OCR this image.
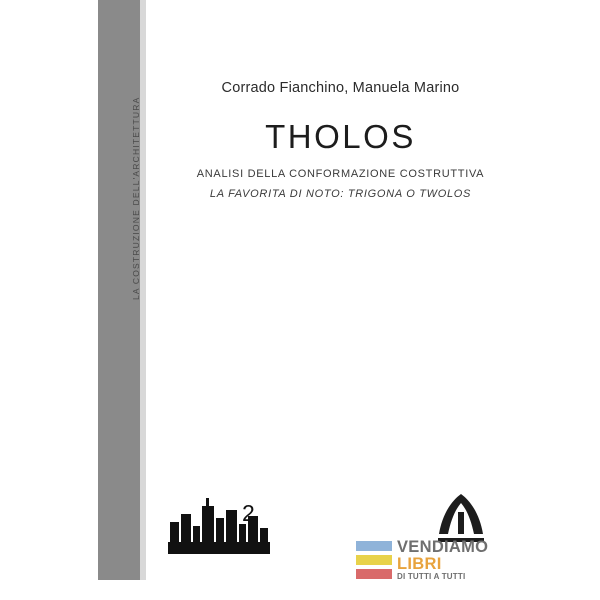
LA COSTRUZIONE DELL'ARCHITETTURA
Corrado Fianchino, Manuela Marino
THOLOS
ANALISI DELLA CONFORMAZIONE COSTRUTTIVA
LA FAVORITA DI NOTO: TRIGONA O TWOLOS
2
VENDIAMO
LIBRI
DI TUTTI A TUTTI
